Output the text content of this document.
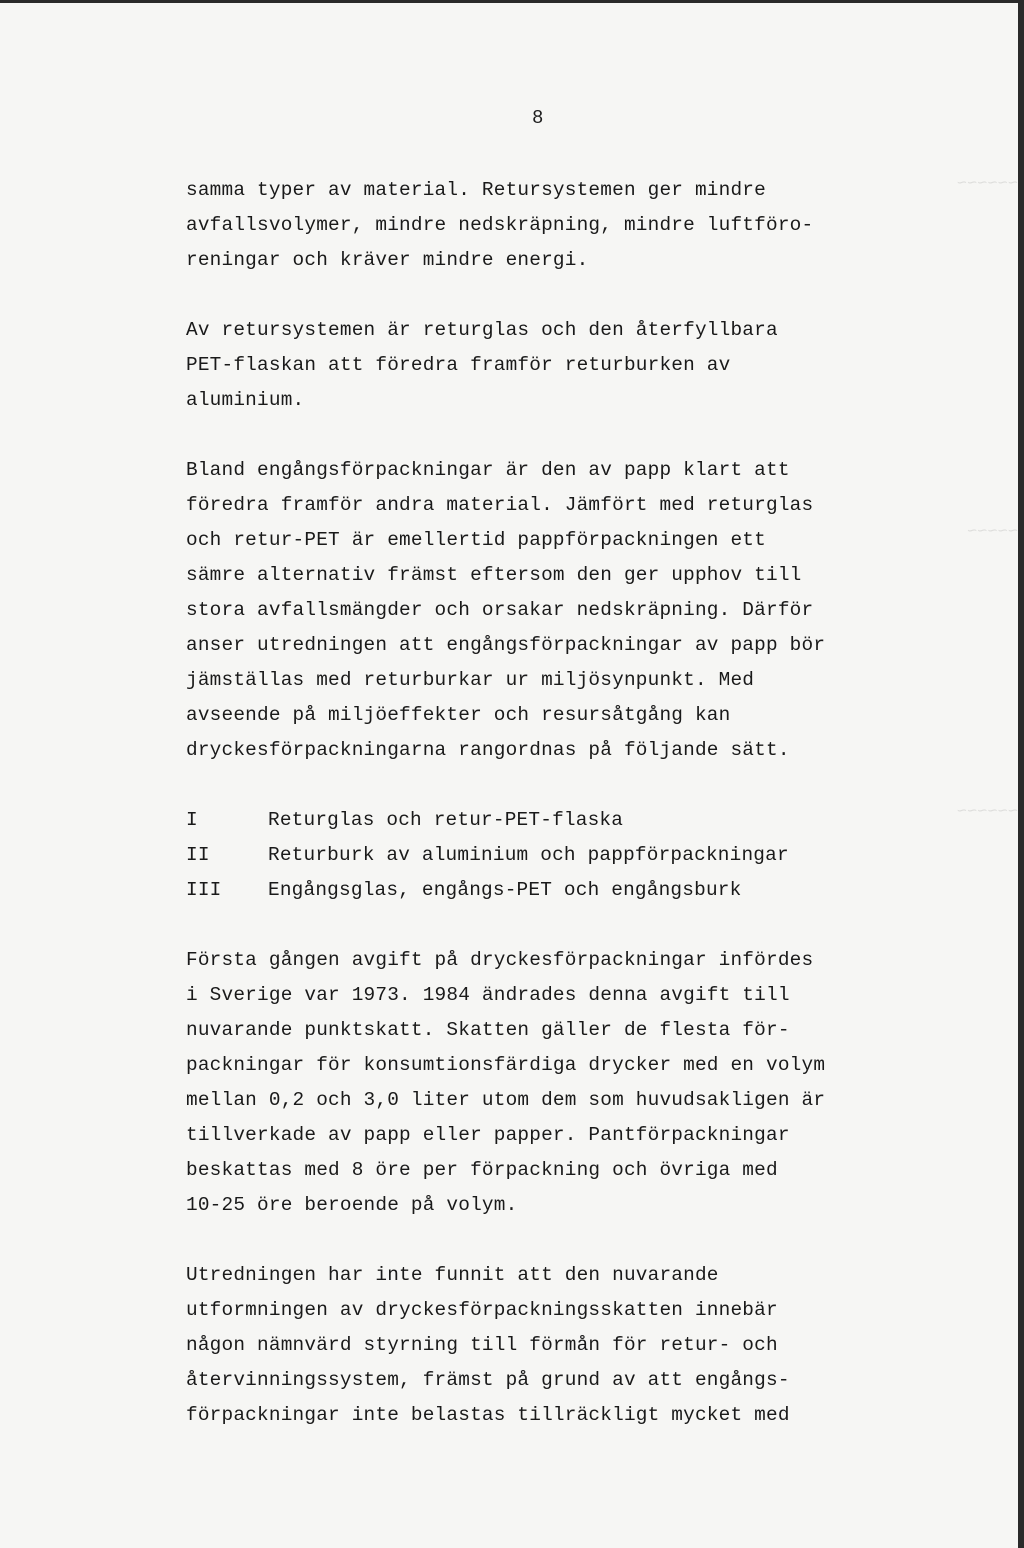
8
~~~~~~
~~~~~
~~~~~~
samma typer av material. Retursystemen ger mindre
avfallsvolymer, mindre nedskräpning, mindre luftföro-
reningar och kräver mindre energi.
Av retursystemen är returglas och den återfyllbara
PET-flaskan att föredra framför returburken av
aluminium.
Bland engångsförpackningar är den av papp klart att
föredra framför andra material. Jämfört med returglas
och retur-PET är emellertid pappförpackningen ett
sämre alternativ främst eftersom den ger upphov till
stora avfallsmängder och orsakar nedskräpning. Därför
anser utredningen att engångsförpackningar av papp bör
jämställas med returburkar ur miljösynpunkt. Med
avseende på miljöeffekter och resursåtgång kan
dryckesförpackningarna rangordnas på följande sätt.
I	Returglas och retur-PET-flaska
II	Returburk av aluminium och pappförpackningar
III	Engångsglas, engångs-PET och engångsburk
Första gången avgift på dryckesförpackningar infördes
i Sverige var 1973. 1984 ändrades denna avgift till
nuvarande punktskatt. Skatten gäller de flesta för-
packningar för konsumtionsfärdiga drycker med en volym
mellan 0,2 och 3,0 liter utom dem som huvudsakligen är
tillverkade av papp eller papper. Pantförpackningar
beskattas med 8 öre per förpackning och övriga med
10-25 öre beroende på volym.
Utredningen har inte funnit att den nuvarande
utformningen av dryckesförpackningsskatten innebär
någon nämnvärd styrning till förmån för retur- och
återvinningssystem, främst på grund av att engångs-
förpackningar inte belastas tillräckligt mycket med
